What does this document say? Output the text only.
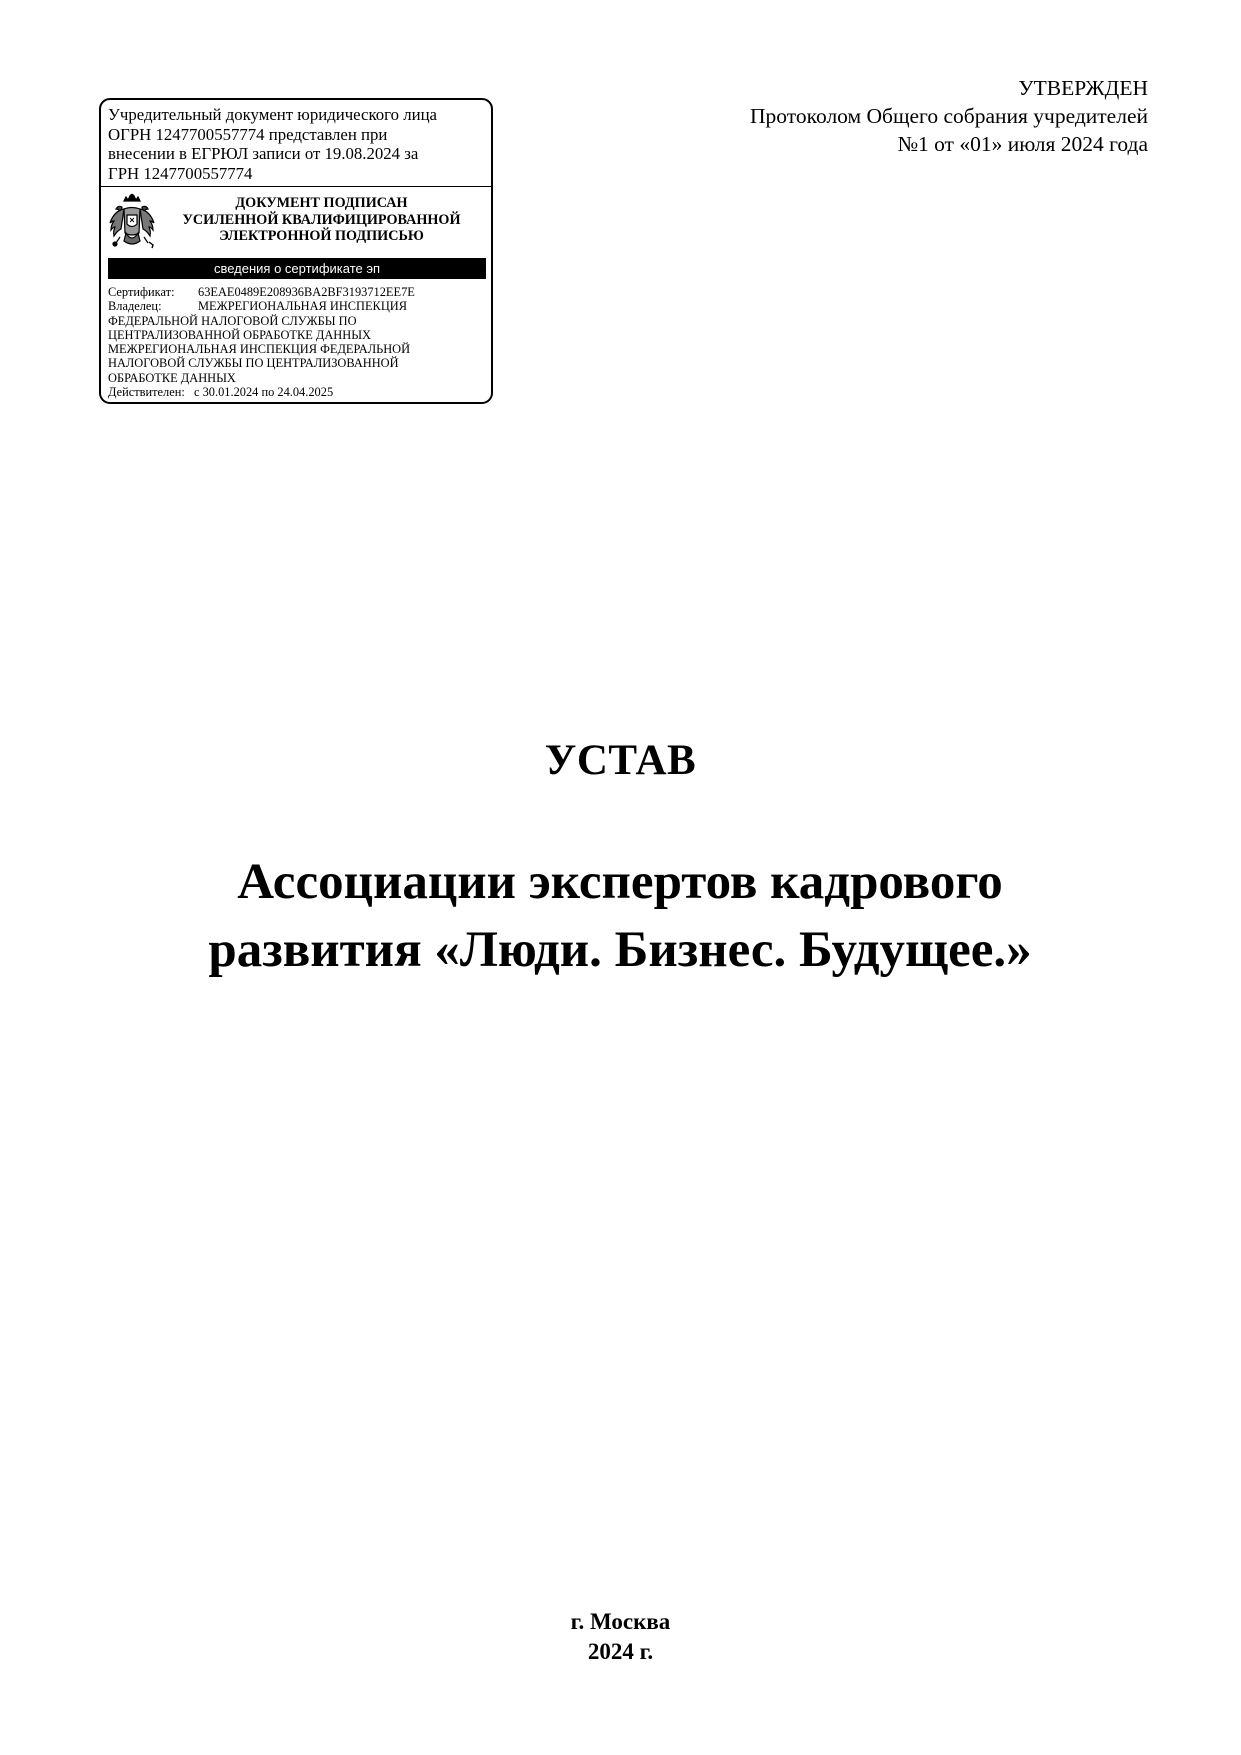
УТВЕРЖДЕН
Протоколом Общего собрания учредителей
№1 от «01» июля 2024 года
Учредительный документ юридического лица
ОГРН 1247700557774 представлен при
внесении в ЕГРЮЛ записи от 19.08.2024 за
ГРН 1247700557774
ДОКУМЕНТ ПОДПИСАН
УСИЛЕННОЙ КВАЛИФИЦИРОВАННОЙ
ЭЛЕКТРОННОЙ ПОДПИСЬЮ
сведения о сертификате эп
Сертификат: 63EAE0489E208936BA2BF3193712EE7E
Владелец:	МЕЖРЕГИОНАЛЬНАЯ ИНСПЕКЦИЯ
ФЕДЕРАЛЬНОЙ НАЛОГОВОЙ СЛУЖБЫ ПО
ЦЕНТРАЛИЗОВАННОЙ ОБРАБОТКЕ ДАННЫХ
МЕЖРЕГИОНАЛЬНАЯ ИНСПЕКЦИЯ ФЕДЕРАЛЬНОЙ
НАЛОГОВОЙ СЛУЖБЫ ПО ЦЕНТРАЛИЗОВАННОЙ
ОБРАБОТКЕ ДАННЫХ
Действителен: с 30.01.2024 по 24.04.2025
УСТАВ
Ассоциации экспертов кадрового
развития «Люди. Бизнес. Будущее.»
г. Москва
2024 г.
